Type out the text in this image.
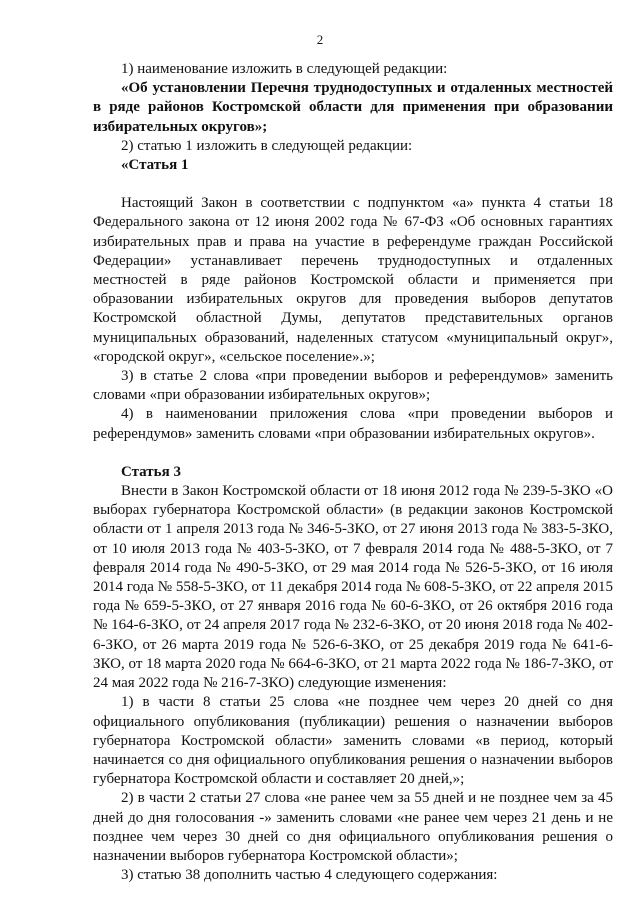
2

1) наименование изложить в следующей редакции:

«Об установлении Перечня труднодоступных и отдаленных местностей в ряде районов Костромской области для применения при образовании избирательных округов»;

2) статью 1 изложить в следующей редакции:

«Статья 1

Настоящий Закон в соответствии с подпунктом «а» пункта 4 статьи 18 Федерального закона от 12 июня 2002 года № 67-ФЗ «Об основных гарантиях избирательных прав и права на участие в референдуме граждан Российской Федерации» устанавливает перечень труднодоступных и отдаленных местностей в ряде районов Костромской области и применяется при образовании избирательных округов для проведения выборов депутатов Костромской областной Думы, депутатов представительных органов муниципальных образований, наделенных статусом «муниципальный округ», «городской округ», «сельское поселение».»;

3) в статье 2 слова «при проведении выборов и референдумов» заменить словами «при образовании избирательных округов»;

4) в наименовании приложения слова «при проведении выборов и референдумов» заменить словами «при образовании избирательных округов».

Статья 3

Внести в Закон Костромской области от 18 июня 2012 года № 239-5-ЗКО «О выборах губернатора Костромской области» (в редакции законов Костромской области от 1 апреля 2013 года № 346-5-ЗКО, от 27 июня 2013 года № 383-5-ЗКО, от 10 июля 2013 года № 403-5-ЗКО, от 7 февраля 2014 года № 488-5-ЗКО, от 7 февраля 2014 года № 490-5-ЗКО, от 29 мая 2014 года № 526-5-ЗКО, от 16 июля 2014 года № 558-5-ЗКО, от 11 декабря 2014 года № 608-5-ЗКО, от 22 апреля 2015 года № 659-5-ЗКО, от 27 января 2016 года № 60-6-ЗКО, от 26 октября 2016 года № 164-6-ЗКО, от 24 апреля 2017 года № 232-6-ЗКО, от 20 июня 2018 года № 402-6-ЗКО, от 26 марта 2019 года № 526-6-ЗКО, от 25 декабря 2019 года № 641-6-ЗКО, от 18 марта 2020 года № 664-6-ЗКО, от 21 марта 2022 года № 186-7-ЗКО, от 24 мая 2022 года № 216-7-ЗКО) следующие изменения:

1) в части 8 статьи 25 слова «не позднее чем через 20 дней со дня официального опубликования (публикации) решения о назначении выборов губернатора Костромской области» заменить словами «в период, который начинается со дня официального опубликования решения о назначении выборов губернатора Костромской области и составляет 20 дней,»;

2) в части 2 статьи 27 слова «не ранее чем за 55 дней и не позднее чем за 45 дней до дня голосования -» заменить словами «не ранее чем через 21 день и не позднее чем через 30 дней со дня официального опубликования решения о назначении выборов губернатора Костромской области»;

3) статью 38 дополнить частью 4 следующего содержания:
